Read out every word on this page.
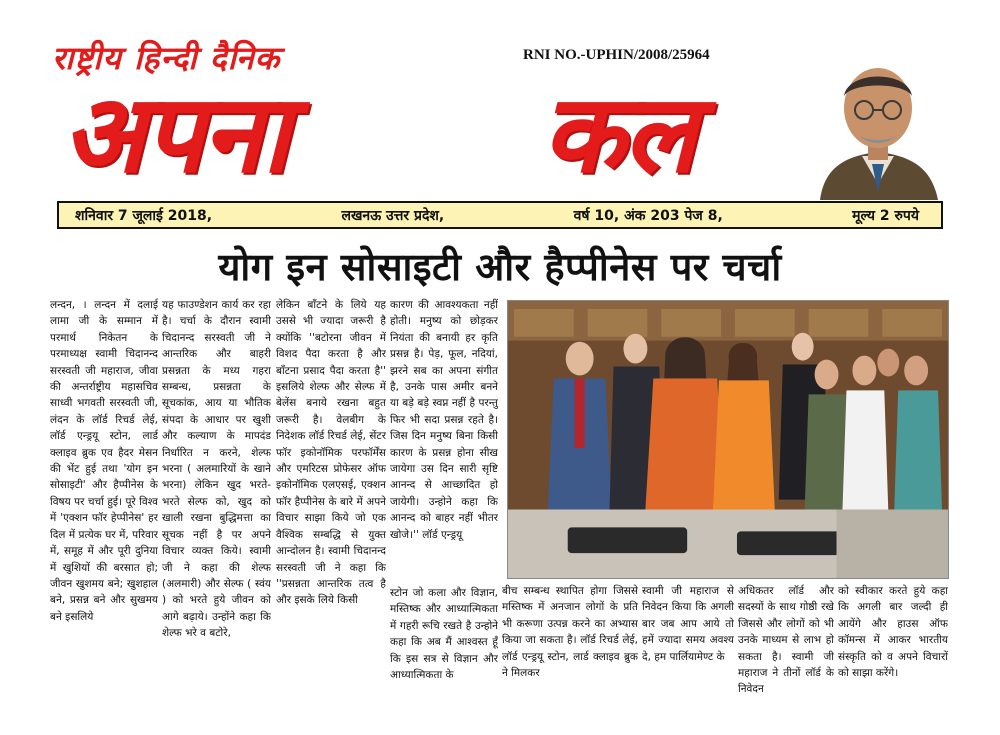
राष्ट्रीय हिन्दी दैनिक	RNI NO.-UPHIN/2008/25964
अपना कल
शनिवार 7 जूलाई 2018,	लखनऊ उत्तर प्रदेश,	वर्ष 10, अंक 203 पेज 8,	मूल्य 2 रुपये
योग इन सोसाइटी और हैप्पीनेस पर चर्चा
लन्दन, । लन्दन में दलाई लामा जी के सम्मान में परमार्थ निकेतन के परमाध्यक्ष स्वामी चिदानन्द सरस्वती जी महाराज, जीवा की अन्तर्राष्ट्रीय महासचिव साध्वी भगवती सरस्वती जी, लंदन के लॉर्ड रिचर्ड लेई, लॉर्ड एन्ड्रयू स्टोन, लार्ड क्लाइव ब्रुक एव हैदर मेसन की भेंट हुई तथा 'योग इन सोसाइटी' और हैप्पीनेस के विषय पर चर्चा हुई। पूरे विश्व में 'एक्शन फॉर हेप्पीनेस' हर दिल में प्रत्येक घर में, परिवार में, समूह में और पूरी दुनिया में खुशियों की बरसात हो; जीवन खुशमय बने; खुशहाल बने, प्रसन्न बने और सुखमय बने इसलिये
यह फाउण्डेशन कार्य कर रहा है। चर्चा के दौरान स्वामी चिदानन्द सरस्वती जी ने आन्तरिक और बाहरी प्रसन्नता के मध्य गहरा सम्बन्ध, प्रसन्नता के सूचकांक, आय या भौतिक संपदा के आधार पर खुशी और कल्याण के मापदंड निर्धारित न करने, शेल्फ भरना ( अलमारियों के खाने भरना) लेकिन खुद भरते-भरते सेल्फ को, खुद को खाली रखना बुद्धिमत्ता का सूचक नहीं है पर अपने विचार व्यक्त किये। स्वामी जी ने कहा की शेल्फ (अलमारी) और सेल्फ ( स्वंय ) को भरते हुये जीवन को आगे बढ़ाये। उन्होंने कहा कि शेल्फ भरे व बटोरे,
लेकिन बाँटने के लिये यह उससे भी ज्यादा जरूरी है क्योंकि ''बटोरना जीवन में विशद पैदा करता है और बाँटना प्रसाद पैदा करता है'' इसलिये शेल्फ और सेल्फ में बेलेंस बनाये रखना बहुत जरूरी है। वेलबीग के निदेशक लॉर्ड रिचर्ड लेई, सेंटर फॉर इकोनॉमिक परफॉर्मेंस और एमरिटस प्रोफेसर ऑफ इकोनॉमिक एलएसई, एक्शन फॉर हैप्पीनेस के बारे में अपने विचार साझा किये जो एक वैश्विक सम्बद्धि से युक्त आन्दोलन है। स्वामी चिदानन्द सरस्वती जी ने कहा कि ''प्रसन्नता आन्तरिक तत्व है और इसके लिये किसी
कारण की आवश्यकता नहीं होती। मनुष्य को छोड़कर नियंता की बनायी हर कृति प्रसन्न है। पेड़, फूल, नदियां, झरने सब का अपना संगीत है, उनके पास अमीर बनने या बड़े बड़े स्वप्न नहीं है परन्तु फिर भी सदा प्रसन्न रहते है। जिस दिन मनुष्य बिना किसी कारण के प्रसन्न होना सीख जायेगा उस दिन सारी सृष्टि आनन्द से आच्छादित हो जायेगी। उन्होने कहा कि आनन्द को बाहर नहीं भीतर खोजे।'' लॉर्ड एन्ड्रयू
स्टोन जो कला और विज्ञान, मस्तिष्क और आध्यात्मिकता में गहरी रूचि रखते है उन्होने कहा कि अब मैं आश्वस्त हूँ कि इस सत्र से विज्ञान और आध्यात्मिकता के
बीच सम्बन्ध स्थापित होगा जिससे मस्तिष्क में अनजान लोगों के प्रति भी करूणा उत्पन्न करने का अभ्यास किया जा सकता है। लॉर्ड रिचर्ड लेई, लॉर्ड एन्ड्रयू स्टोन, लार्ड क्लाइव ब्रुक ने मिलकर
स्वामी जी महाराज से निवेदन किया कि अगली बार जब आप आये तो हमें ज्यादा समय अवश्य दे, हम पार्लियामेण्ट के
अधिकतर लॉर्ड और सदस्यों के साथ गोष्ठी रखे जिससे और लोगों को भी उनके माध्यम से लाभ हो सकता है। स्वामी जी महाराज ने तीनों लॉर्ड के निवेदन
को स्वीकार करते हुये कहा कि अगली बार जल्दी ही आयेंगे और हाउस ऑफ कॉमन्स में आकर भारतीय संस्कृति को व अपने विचारों को साझा करेंगे।
